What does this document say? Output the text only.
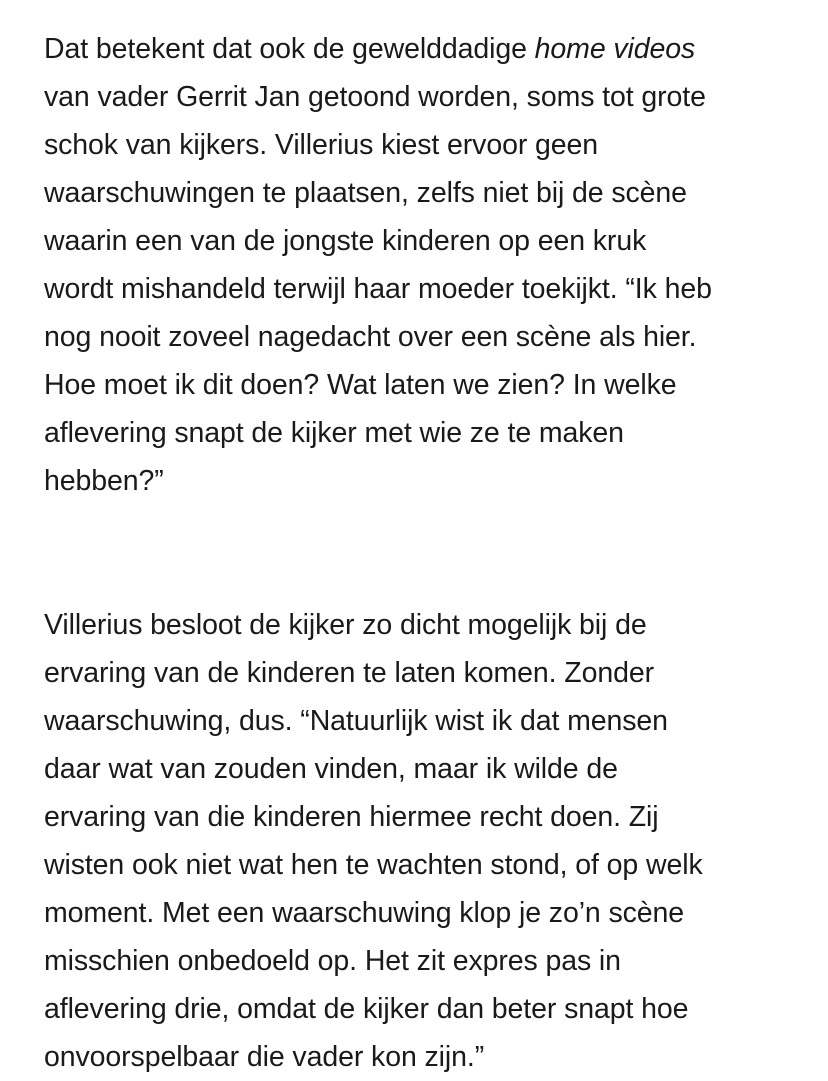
Dat betekent dat ook de gewelddadige home videos
van vader Gerrit Jan getoond worden, soms tot grote
schok van kijkers. Villerius kiest ervoor geen
waarschuwingen te plaatsen, zelfs niet bij de scène
waarin een van de jongste kinderen op een kruk
wordt mishandeld terwijl haar moeder toekijkt. “Ik heb
nog nooit zoveel nagedacht over een scène als hier.
Hoe moet ik dit doen? Wat laten we zien? In welke
aflevering snapt de kijker met wie ze te maken
hebben?”

Villerius besloot de kijker zo dicht mogelijk bij de
ervaring van de kinderen te laten komen. Zonder
waarschuwing, dus. “Natuurlijk wist ik dat mensen
daar wat van zouden vinden, maar ik wilde de
ervaring van die kinderen hiermee recht doen. Zij
wisten ook niet wat hen te wachten stond, of op welk
moment. Met een waarschuwing klop je zo’n scène
misschien onbedoeld op. Het zit expres pas in
aflevering drie, omdat de kijker dan beter snapt hoe
onvoorspelbaar die vader kon zijn.”
